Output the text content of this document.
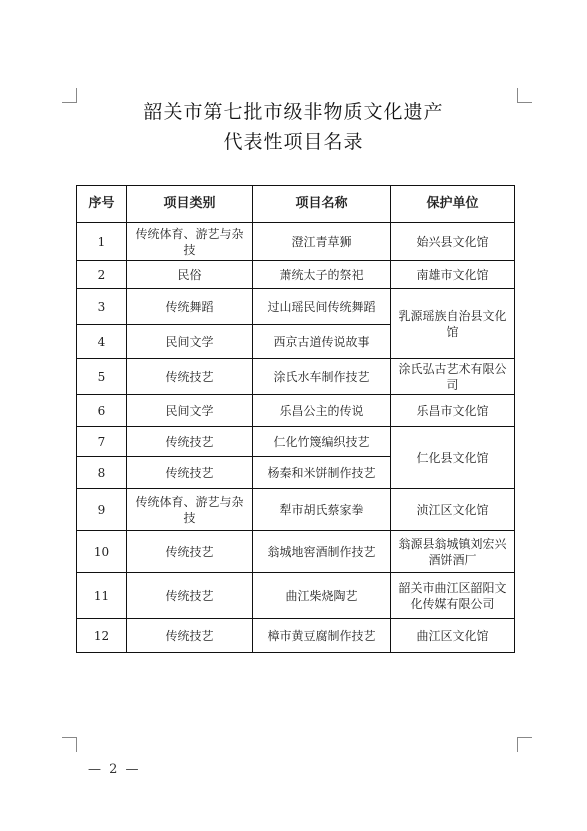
韶关市第七批市级非物质文化遗产
代表性项目名录
序号	项目类别	项目名称	保护单位
1	传统体育、游艺与杂技	澄江青草狮	始兴县文化馆
2	民俗	萧统太子的祭祀	南雄市文化馆
3	传统舞蹈	过山瑶民间传统舞蹈	乳源瑶族自治县文化馆
4	民间文学	西京古道传说故事	
5	传统技艺	涂氏水车制作技艺	涂氏弘古艺术有限公司
6	民间文学	乐昌公主的传说	乐昌市文化馆
7	传统技艺	仁化竹篾编织技艺	仁化县文化馆
8	传统技艺	杨秦和米饼制作技艺	
9	传统体育、游艺与杂技	犁市胡氏蔡家拳	浈江区文化馆
10	传统技艺	翁城地窖酒制作技艺	翁源县翁城镇刘宏兴酒饼酒厂
11	传统技艺	曲江柴烧陶艺	韶关市曲江区韶阳文化传媒有限公司
12	传统技艺	樟市黄豆腐制作技艺	曲江区文化馆
— 2 —
